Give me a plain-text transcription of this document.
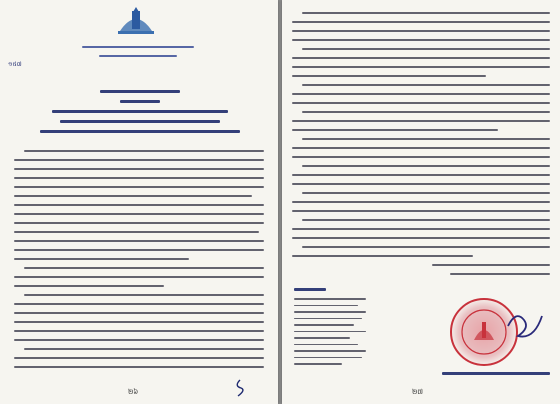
១៥៧
២៦	២៧
